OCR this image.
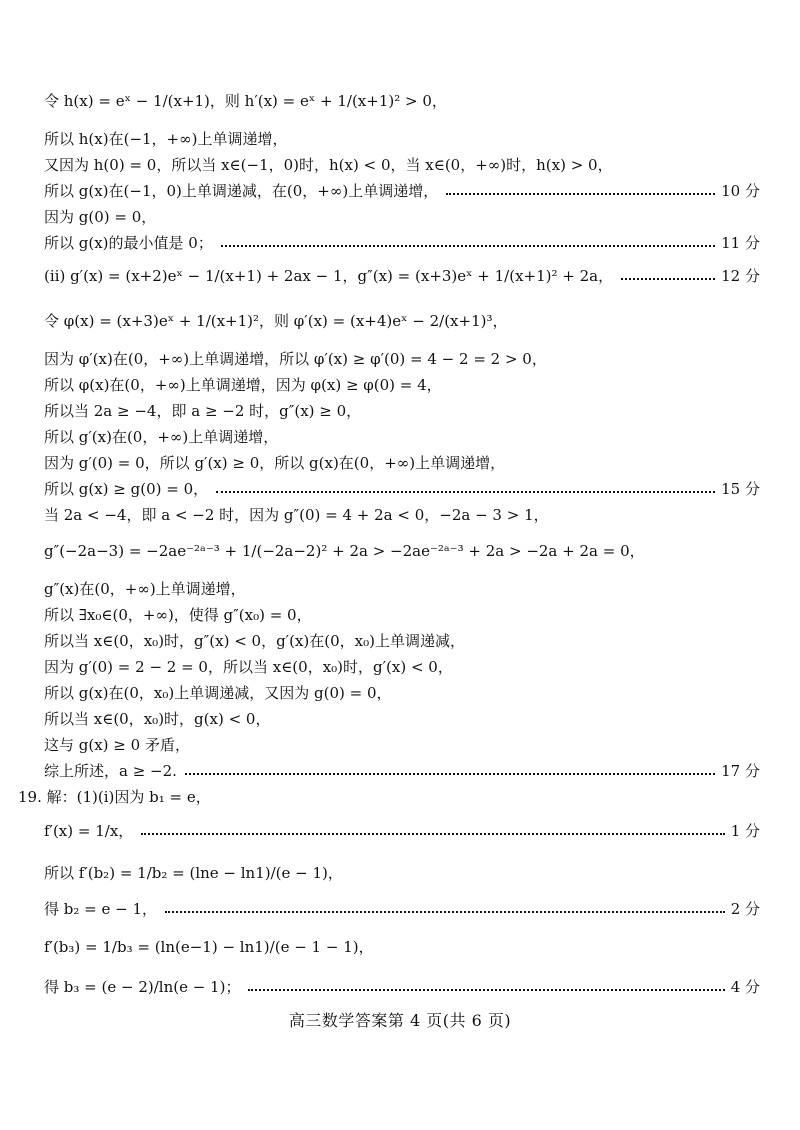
令 h(x) = eˣ − 1/(x+1)，则 h′(x) = eˣ + 1/(x+1)² > 0，
所以 h(x)在(−1，+∞)上单调递增，
又因为 h(0) = 0，所以当 x∈(−1，0)时，h(x) < 0，当 x∈(0，+∞)时，h(x) > 0，
所以 g(x)在(−1，0)上单调递减，在(0，+∞)上单调递增，	10 分
因为 g(0) = 0，
所以 g(x)的最小值是 0；	11 分
(ⅱ) g′(x) = (x+2)eˣ − 1/(x+1) + 2ax − 1，g″(x) = (x+3)eˣ + 1/(x+1)² + 2a，	12 分
令 φ(x) = (x+3)eˣ + 1/(x+1)²，则 φ′(x) = (x+4)eˣ − 2/(x+1)³，
因为 φ′(x)在(0，+∞)上单调递增，所以 φ′(x) ≥ φ′(0) = 4 − 2 = 2 > 0，
所以 φ(x)在(0，+∞)上单调递增，因为 φ(x) ≥ φ(0) = 4，
所以当 2a ≥ −4，即 a ≥ −2 时，g″(x) ≥ 0，
所以 g′(x)在(0，+∞)上单调递增，
因为 g′(0) = 0，所以 g′(x) ≥ 0，所以 g(x)在(0，+∞)上单调递增，
所以 g(x) ≥ g(0) = 0，	15 分
当 2a < −4，即 a < −2 时，因为 g″(0) = 4 + 2a < 0，−2a − 3 > 1，
g″(−2a−3) = −2ae⁻²ᵃ⁻³ + 1/(−2a−2)² + 2a > −2ae⁻²ᵃ⁻³ + 2a > −2a + 2a = 0，
g″(x)在(0，+∞)上单调递增，
所以 ∃x₀∈(0，+∞)，使得 g″(x₀) = 0，
所以当 x∈(0，x₀)时，g″(x) < 0，g′(x)在(0，x₀)上单调递减，
因为 g′(0) = 2 − 2 = 0，所以当 x∈(0，x₀)时，g′(x) < 0，
所以 g(x)在(0，x₀)上单调递减，又因为 g(0) = 0，
所以当 x∈(0，x₀)时，g(x) < 0，
这与 g(x) ≥ 0 矛盾，
综上所述，a ≥ −2.	17 分
19. 解：(1)(ⅰ)因为 b₁ = e，
f′(x) = 1/x，	1 分
所以 f′(b₂) = 1/b₂ = (lne − ln1)/(e − 1)，
得 b₂ = e − 1，	2 分
f′(b₃) = 1/b₃ = (ln(e−1) − ln1)/(e − 1 − 1)，
得 b₃ = (e − 2)/ln(e − 1)；	4 分
高三数学答案第 4 页(共 6 页)
